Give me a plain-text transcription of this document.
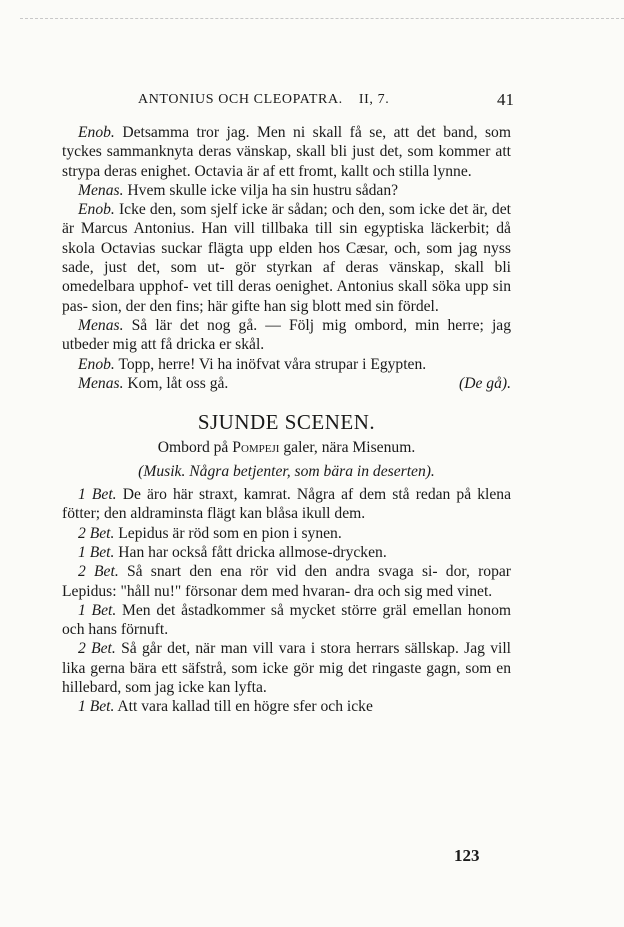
ANTONIUS OCH CLEOPATRA. II, 7.	41

Enob. Detsamma tror jag. Men ni skall få se, att det band, som tyckes sammanknyta deras vänskap, skall bli just det, som kommer att strypa deras enighet. Octavia är af ett fromt, kallt och stilla lynne.

Menas. Hvem skulle icke vilja ha sin hustru sådan?

Enob. Icke den, som sjelf icke är sådan; och den, som icke det är, det är Marcus Antonius. Han vill tillbaka till sin egyptiska läckerbit; då skola Octavias suckar flägta upp elden hos Cæsar, och, som jag nyss sade, just det, som ut- gör styrkan af deras vänskap, skall bli omedelbara upphof- vet till deras oenighet. Antonius skall söka upp sin pas- sion, der den fins; här gifte han sig blott med sin fördel.

Menas. Så lär det nog gå. — Följ mig ombord, min herre; jag utbeder mig att få dricka er skål.

Enob. Topp, herre! Vi ha inöfvat våra strupar i Egypten.

Menas. Kom, låt oss gå.	(De gå).

SJUNDE SCENEN.

Ombord på Pompeji galer, nära Misenum.

(Musik. Några betjenter, som bära in deserten).

1 Bet. De äro här straxt, kamrat. Några af dem stå redan på klena fötter; den aldraminsta flägt kan blåsa ikull dem.

2 Bet. Lepidus är röd som en pion i synen.

1 Bet. Han har också fått dricka allmose-drycken.

2 Bet. Så snart den ena rör vid den andra svaga si- dor, ropar Lepidus: "håll nu!" försonar dem med hvaran- dra och sig med vinet.

1 Bet. Men det åstadkommer så mycket större gräl emellan honom och hans förnuft.

2 Bet. Så går det, när man vill vara i stora herrars sällskap. Jag vill lika gerna bära ett säfstrå, som icke gör mig det ringaste gagn, som en hillebard, som jag icke kan lyfta.

1 Bet. Att vara kallad till en högre sfer och icke

123
